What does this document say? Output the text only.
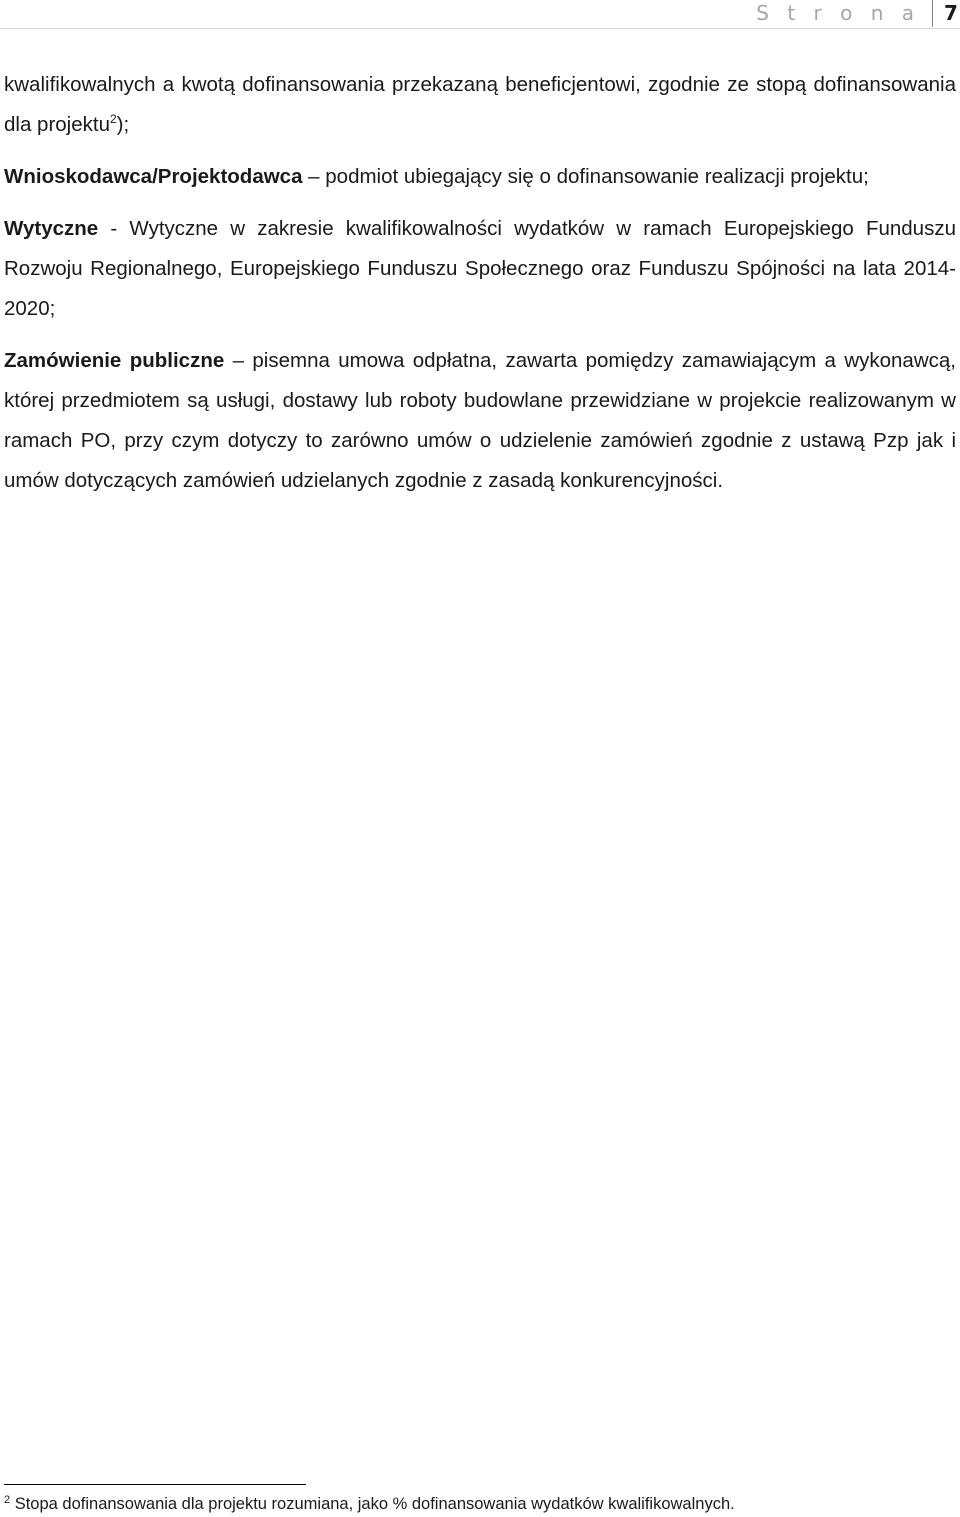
S t r o n a 7

kwalifikowalnych a kwotą dofinansowania przekazaną beneficjentowi, zgodnie ze stopą dofinansowania dla projektu$^2$);

Wnioskodawca/Projektodawca – podmiot ubiegający się o dofinansowanie realizacji projektu;

Wytyczne - Wytyczne w zakresie kwalifikowalności wydatków w ramach Europejskiego Funduszu Rozwoju Regionalnego, Europejskiego Funduszu Społecznego oraz Funduszu Spójności na lata 2014-2020;

Zamówienie publiczne – pisemna umowa odpłatna, zawarta pomiędzy zamawiającym a wykonawcą, której przedmiotem są usługi, dostawy lub roboty budowlane przewidziane w projekcie realizowanym w ramach PO, przy czym dotyczy to zarówno umów o udzielenie zamówień zgodnie z ustawą Pzp jak i umów dotyczących zamówień udzielanych zgodnie z zasadą konkurencyjności.

$^2$ Stopa dofinansowania dla projektu rozumiana, jako % dofinansowania wydatków kwalifikowalnych.
